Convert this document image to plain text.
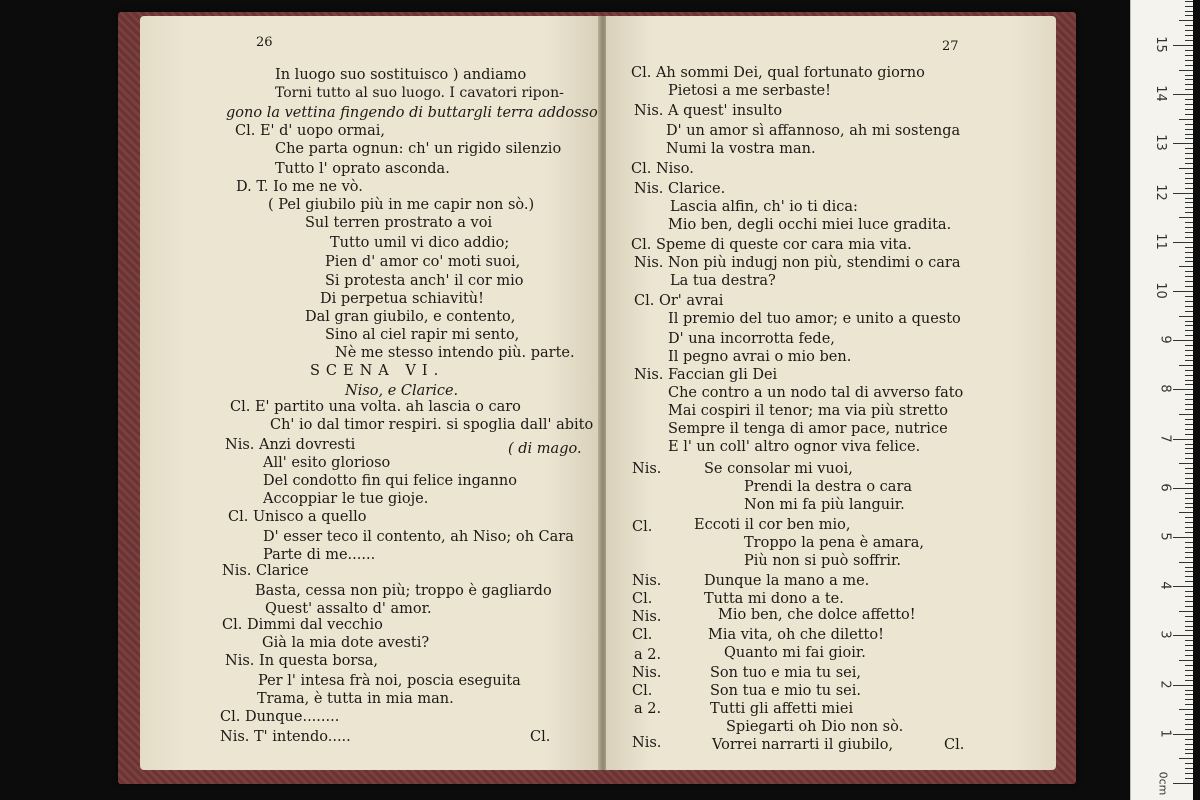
26
In luogo suo sostituisco ) andiamo
Torni tutto al suo luogo. I cavatori ripon-
gono la vettina fingendo di buttargli terra addosso
Cl. E' d' uopo ormai,
Che parta ognun: ch' un rigido silenzio
Tutto l' oprato asconda.
D. T. Io me ne vò.
( Pel giubilo più in me capir non sò.)
Sul terren prostrato a voi
Tutto umil vi dico addio;
Pien d' amor co' moti suoi,
Si protesta anch' il cor mio
Di perpetua schiavitù!
Dal gran giubilo, e contento,
Sino al ciel rapir mi sento,
Nè me stesso intendo più. parte.
SCENA VI.
Niso, e Clarice.
Cl. E' partito una volta. ah lascia o caro
Ch' io dal timor respiri. si spoglia dall' abito
Nis. Anzi dovresti	( di mago.
All' esito glorioso
Del condotto fin qui felice inganno
Accoppiar le tue gioje.
Cl. Unisco a quello
D' esser teco il contento, ah Niso; oh Cara
Parte di me......
Nis. Clarice
Basta, cessa non più; troppo è gagliardo
Quest' assalto d' amor.
Cl. Dimmi dal vecchio
Già la mia dote avesti?
Nis. In questa borsa,
Per l' intesa frà noi, poscia eseguita
Trama, è tutta in mia man.
Cl. Dunque........
Nis. T' intendo.....	Cl.
27
Cl. Ah sommi Dei, qual fortunato giorno
Pietosi a me serbaste!
Nis. A quest' insulto
D' un amor sì affannoso, ah mi sostenga
Numi la vostra man.
Cl. Niso.
Nis. Clarice.
Lascia alfin, ch' io ti dica:
Mio ben, degli occhi miei luce gradita.
Cl. Speme di queste cor cara mia vita.
Nis. Non più indugj non più, stendimi o cara
La tua destra?
Cl. Or' avrai
Il premio del tuo amor; e unito a questo
D' una incorrotta fede,
Il pegno avrai o mio ben.
Nis. Faccian gli Dei
Che contro a un nodo tal di avverso fato
Mai cospiri il tenor; ma via più stretto
Sempre il tenga di amor pace, nutrice
E l' un coll' altro ognor viva felice.
Nis.	Se consolar mi vuoi,
Prendi la destra o cara
Non mi fa più languir.
Cl.	Eccoti il cor ben mio,
Troppo la pena è amara,
Più non si può soffrir.
Nis.	Dunque la mano a me.
Cl.	Tutta mi dono a te.
Nis.	Mio ben, che dolce affetto!
Cl.	Mia vita, oh che diletto!
a 2.	Quanto mi fai gioir.
Nis.	Son tuo e mia tu sei,
Cl.	Son tua e mio tu sei.
a 2.	Tutti gli affetti miei
Spiegarti oh Dio non sò.
Nis.	Vorrei narrarti il giubilo,	Cl.
0cm
1
2
3
4
5
6
7
8
9
10
11
12
13
14
15
